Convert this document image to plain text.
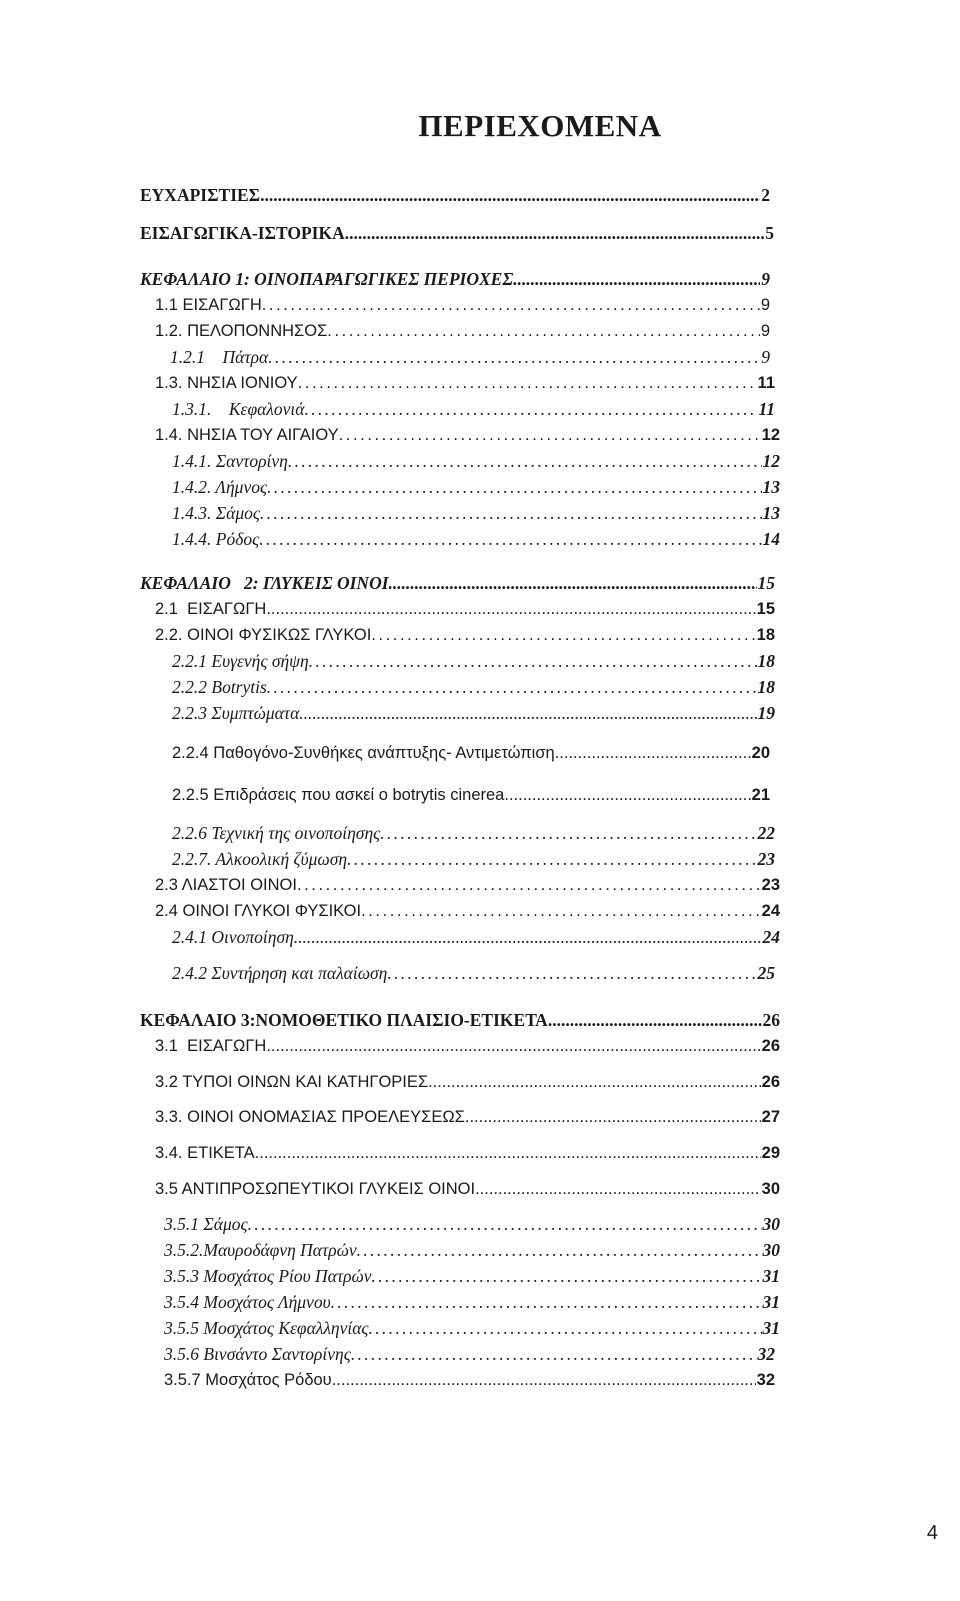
ΠΕΡΙΕΧΟΜΕΝΑ
ΕΥΧΑΡΙΣΤΙΕΣ .....	2
ΕΙΣΑΓΩΓΙΚΑ-ΙΣΤΟΡΙΚΑ .....	5
ΚΕΦΑΛΑΙΟ 1: ΟΙΝΟΠΑΡΑΓΩΓΙΚΕΣ ΠΕΡΙΟΧΕΣ .....	9
1.1 ΕΙΣΑΓΩΓΗ . . .	9
1.2. ΠΕΛΟΠΟΝΝΗΣΟΣ . . .	9
1.2.1    Πάτρα . . .	9
1.3. ΝΗΣΙΑ ΙΟΝΙΟΥ . . .	11
1.3.1.    Κεφαλονιά . . .	11
1.4. ΝΗΣΙΑ ΤΟΥ ΑΙΓΑΙΟΥ . . .	12
1.4.1. Σαντορίνη . . .	12
1.4.2. Λήμνος . . .	13
1.4.3. Σάμος . . .	13
1.4.4. Ρόδος . . .	14
ΚΕΦΑΛΑΙΟ   2: ΓΛΥΚΕΙΣ ΟΙΝΟΙ .....	15
2.1  ΕΙΣΑΓΩΓΗ .....	15
2.2. ΟΙΝΟΙ ΦΥΣΙΚΩΣ ΓΛΥΚΟΙ . . .	18
2.2.1 Ευγενής σήψη . . .	18
2.2.2 Botrytis . . .	18
2.2.3 Συμπτώματα .....	19
2.2.4 Παθογόνο-Συνθήκες ανάπτυξης- Αντιμετώπιση .....	20
2.2.5 Επιδράσεις που ασκεί ο botrytis cinerea .....	21
2.2.6 Τεχνική της οινοποίησης . . .	22
2.2.7. Αλκοολική ζύμωση . . .	23
2.3 ΛΙΑΣΤΟΙ ΟΙΝΟΙ . . .	23
2.4 ΟΙΝΟΙ ΓΛΥΚΟΙ ΦΥΣΙΚΟΙ . . .	24
2.4.1 Οινοποίηση .....	24
2.4.2 Συντήρηση και παλαίωση . . .	25
ΚΕΦΑΛΑΙΟ 3:ΝΟΜΟΘΕΤΙΚΟ ΠΛΑΙΣΙΟ-ΕΤΙΚΕΤΑ .....	26
3.1  ΕΙΣΑΓΩΓΗ .....	26
3.2 ΤΥΠΟΙ ΟΙΝΩΝ ΚΑΙ ΚΑΤΗΓΟΡΙΕΣ .....	26
3.3. ΟΙΝΟΙ ΟΝΟΜΑΣΙΑΣ ΠΡΟΕΛΕΥΣΕΩΣ .....	27
3.4. ΕΤΙΚΕΤΑ .....	29
3.5 ΑΝΤΙΠΡΟΣΩΠΕΥΤΙΚΟΙ ΓΛΥΚΕΙΣ ΟΙΝΟΙ .....	30
3.5.1 Σάμος . . .	30
3.5.2.Μαυροδάφνη Πατρών . . .	30
3.5.3 Μοσχάτος Ρίου Πατρών . . .	31
3.5.4 Μοσχάτος Λήμνου . . .	31
3.5.5 Μοσχάτος Κεφαλληνίας . . .	31
3.5.6 Βινσάντο Σαντορίνης . . .	32
3.5.7 Μοσχάτος Ρόδου .....	32
4
